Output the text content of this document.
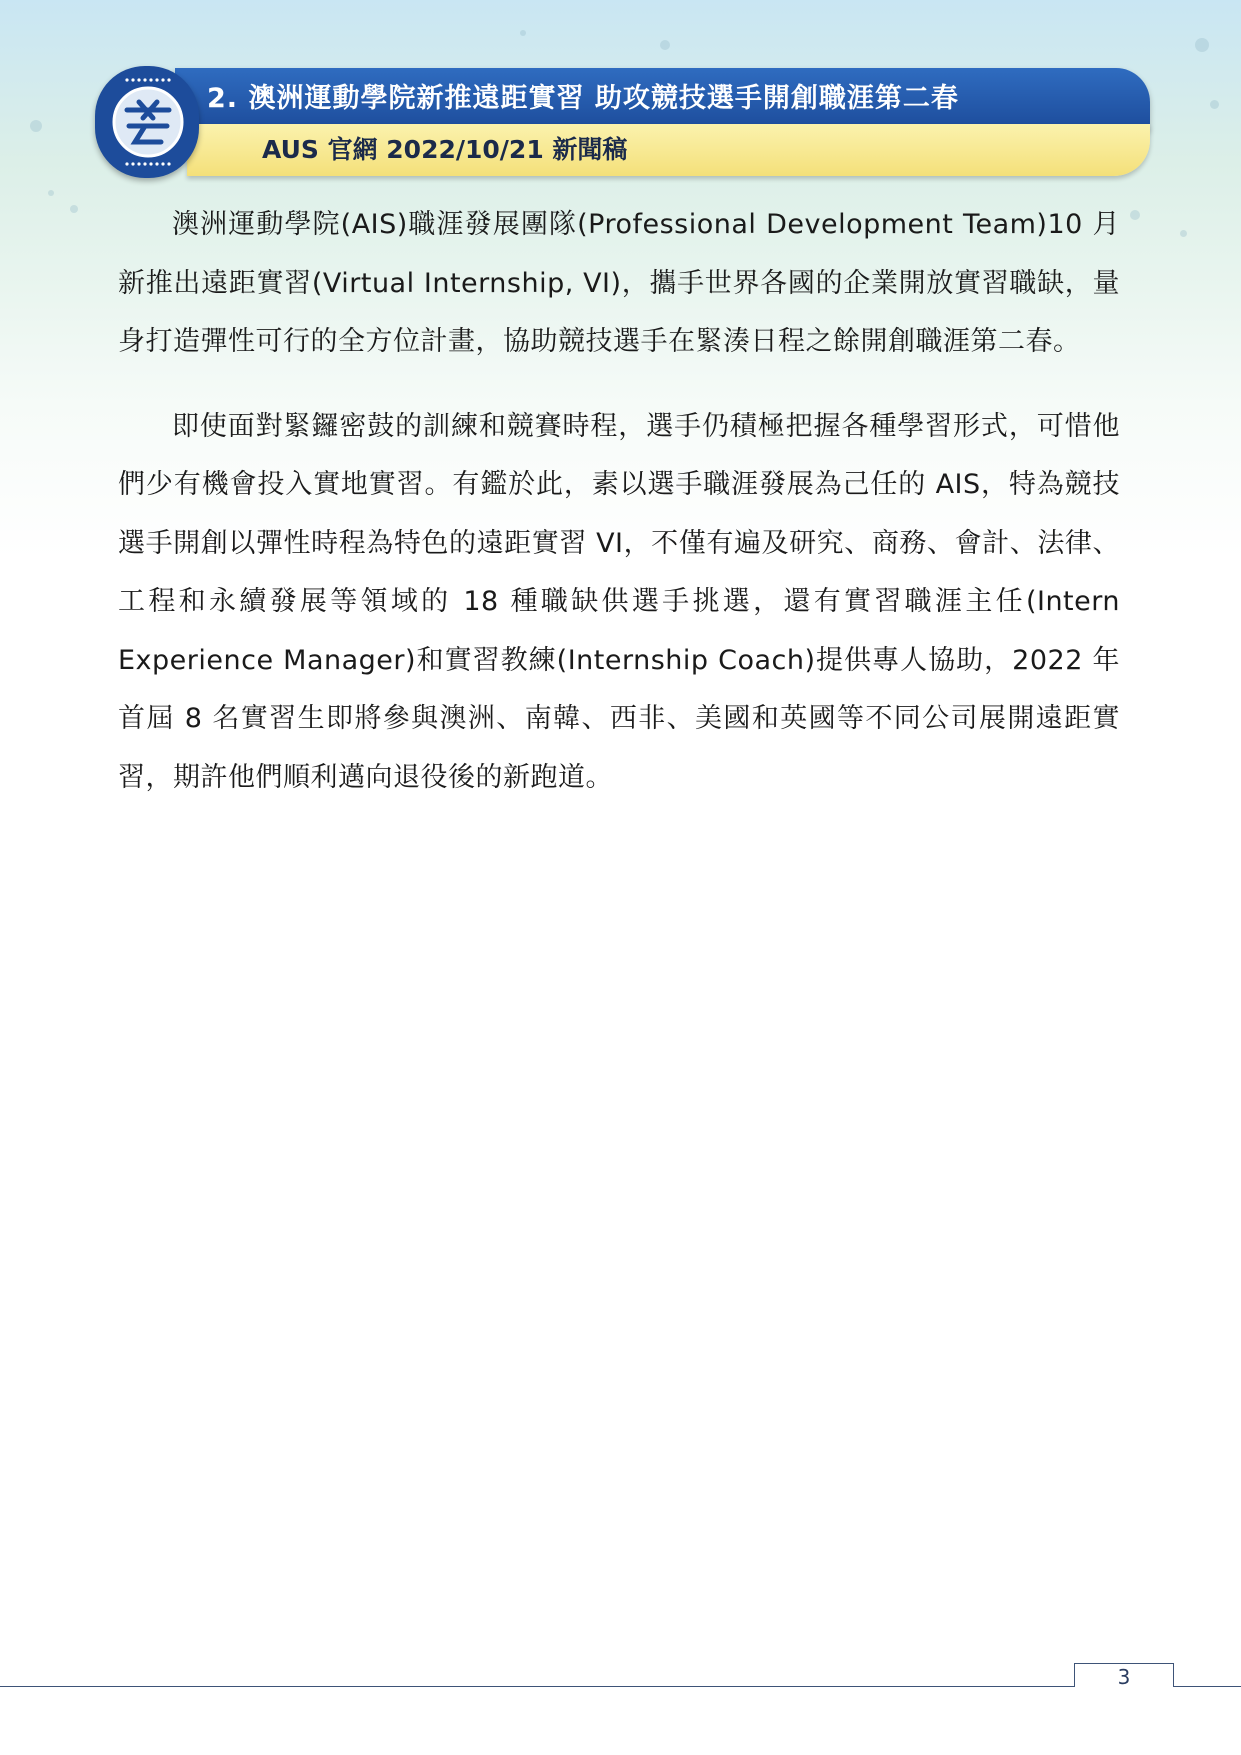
2. 澳洲運動學院新推遠距實習 助攻競技選手開創職涯第二春
AUS 官網 2022/10/21 新聞稿

澳洲運動學院(AIS)職涯發展團隊(Professional Development Team)10 月新推出遠距實習(Virtual Internship, VI)，攜手世界各國的企業開放實習職缺，量身打造彈性可行的全方位計畫，協助競技選手在緊湊日程之餘開創職涯第二春。

即使面對緊鑼密鼓的訓練和競賽時程，選手仍積極把握各種學習形式，可惜他們少有機會投入實地實習。有鑑於此，素以選手職涯發展為己任的 AIS，特為競技選手開創以彈性時程為特色的遠距實習 VI，不僅有遍及研究、商務、會計、法律、工程和永續發展等領域的 18 種職缺供選手挑選，還有實習職涯主任(Intern Experience Manager)和實習教練(Internship Coach)提供專人協助，2022 年首屆 8 名實習生即將參與澳洲、南韓、西非、美國和英國等不同公司展開遠距實習，期許他們順利邁向退役後的新跑道。

3
